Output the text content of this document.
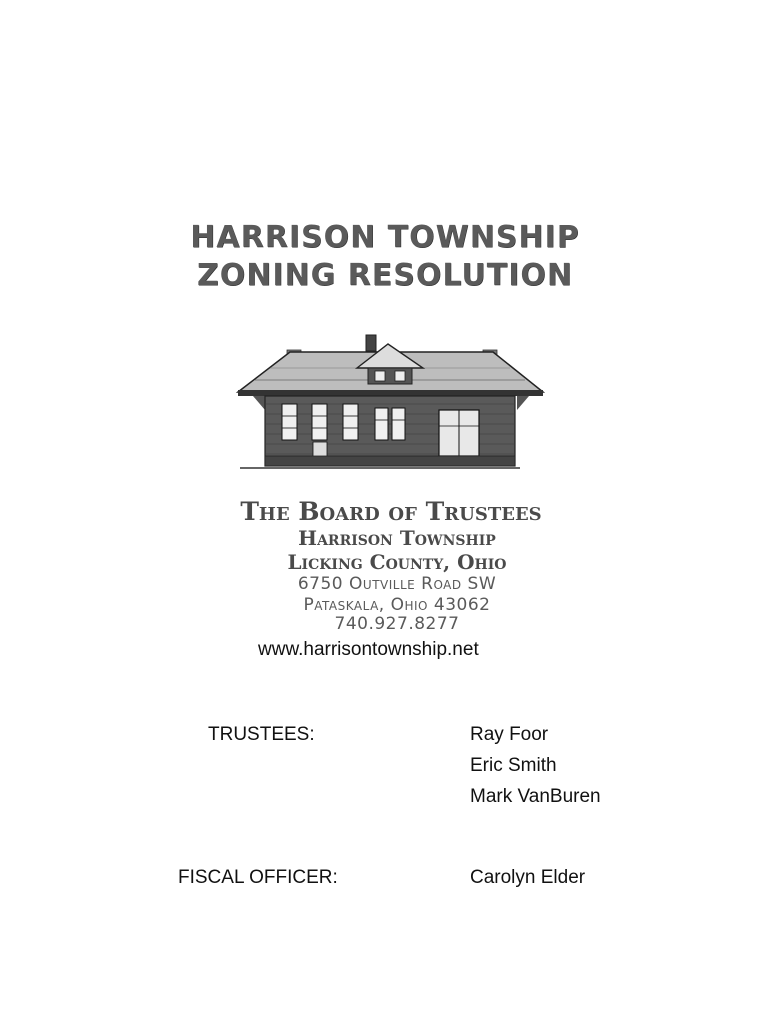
HARRISON TOWNSHIP
ZONING RESOLUTION
The Board of Trustees
Harrison Township
Licking County, Ohio
6750 Outville Road SW
Pataskala, Ohio 43062
740.927.8277
www.harrisontownship.net
TRUSTEES:	Ray Foor
Eric Smith
Mark VanBuren
FISCAL OFFICER:	Carolyn Elder
